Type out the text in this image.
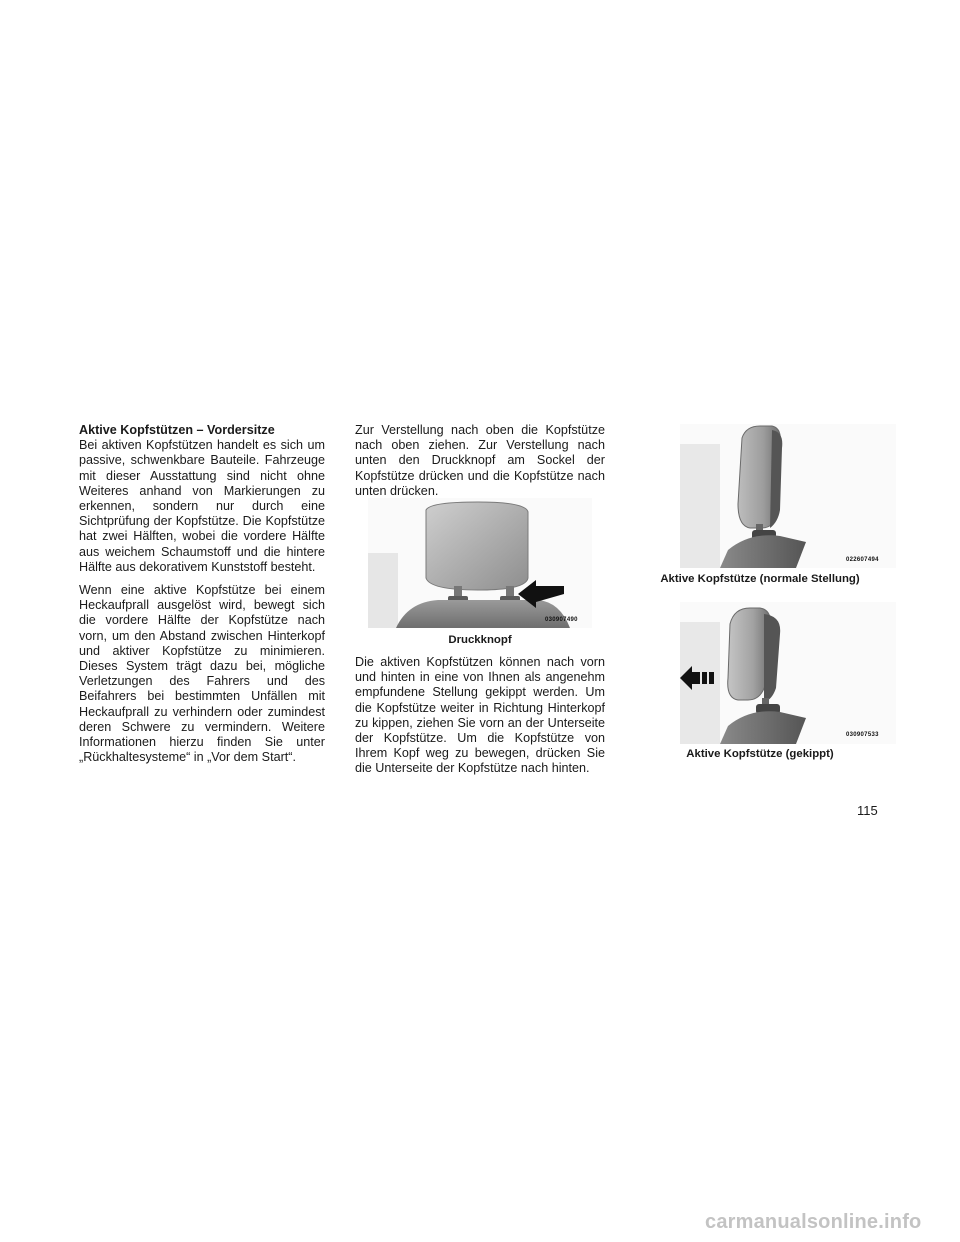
Aktive Kopfstützen – Vordersitze

Bei aktiven Kopfstützen handelt es sich um passive, schwenkbare Bauteile. Fahrzeuge mit dieser Ausstattung sind nicht ohne Weiteres anhand von Markierungen zu erkennen, sondern nur durch eine Sichtprüfung der Kopfstütze. Die Kopfstütze hat zwei Hälften, wobei die vordere Hälfte aus weichem Schaumstoff und die hintere Hälfte aus dekorativem Kunststoff besteht.

Wenn eine aktive Kopfstütze bei einem Heckaufprall ausgelöst wird, bewegt sich die vordere Hälfte der Kopfstütze nach vorn, um den Abstand zwischen Hinterkopf und aktiver Kopfstütze zu minimieren. Dieses System trägt dazu bei, mögliche Verletzungen des Fahrers und des Beifahrers bei bestimmten Unfällen mit Heckaufprall zu verhindern oder zumindest deren Schwere zu vermindern. Weitere Informationen hierzu finden Sie unter „Rückhaltesysteme“ in „Vor dem Start“.

Zur Verstellung nach oben die Kopfstütze nach oben ziehen. Zur Verstellung nach unten den Druckknopf am Sockel der Kopfstütze drücken und die Kopfstütze nach unten drücken.

030907490
Druckknopf

Die aktiven Kopfstützen können nach vorn und hinten in eine von Ihnen als angenehm empfundene Stellung gekippt werden. Um die Kopfstütze weiter in Richtung Hinterkopf zu kippen, ziehen Sie vorn an der Unterseite der Kopfstütze. Um die Kopfstütze von Ihrem Kopf weg zu bewegen, drücken Sie die Unterseite der Kopfstütze nach hinten.

022607494
Aktive Kopfstütze (normale Stellung)
030907533
Aktive Kopfstütze (gekippt)
115
carmanualsonline.info
